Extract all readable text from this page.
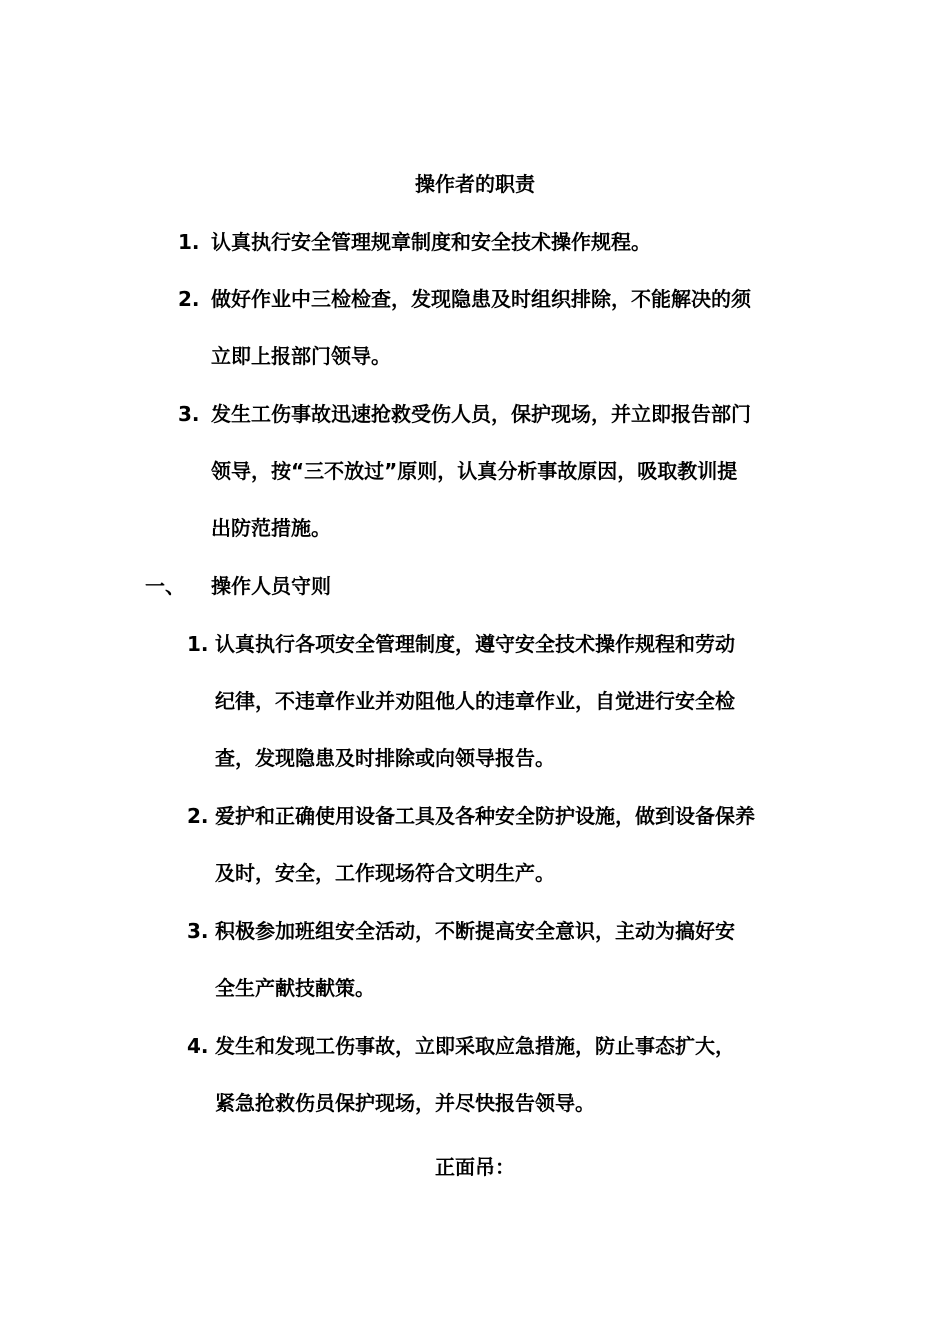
操作者的职责
1. 认真执行安全管理规章制度和安全技术操作规程。
2. 做好作业中三检检查，发现隐患及时组织排除，不能解决的须
立即上报部门领导。
3. 发生工伤事故迅速抢救受伤人员，保护现场，并立即报告部门
领导，按“三不放过”原则，认真分析事故原因，吸取教训提
出防范措施。
一、 操作人员守则
1. 认真执行各项安全管理制度，遵守安全技术操作规程和劳动
纪律，不违章作业并劝阻他人的违章作业，自觉进行安全检
查，发现隐患及时排除或向领导报告。
2. 爱护和正确使用设备工具及各种安全防护设施，做到设备保养
及时，安全，工作现场符合文明生产。
3. 积极参加班组安全活动，不断提高安全意识，主动为搞好安
全生产献技献策。
4. 发生和发现工伤事故，立即采取应急措施，防止事态扩大，
紧急抢救伤员保护现场，并尽快报告领导。
正面吊：
